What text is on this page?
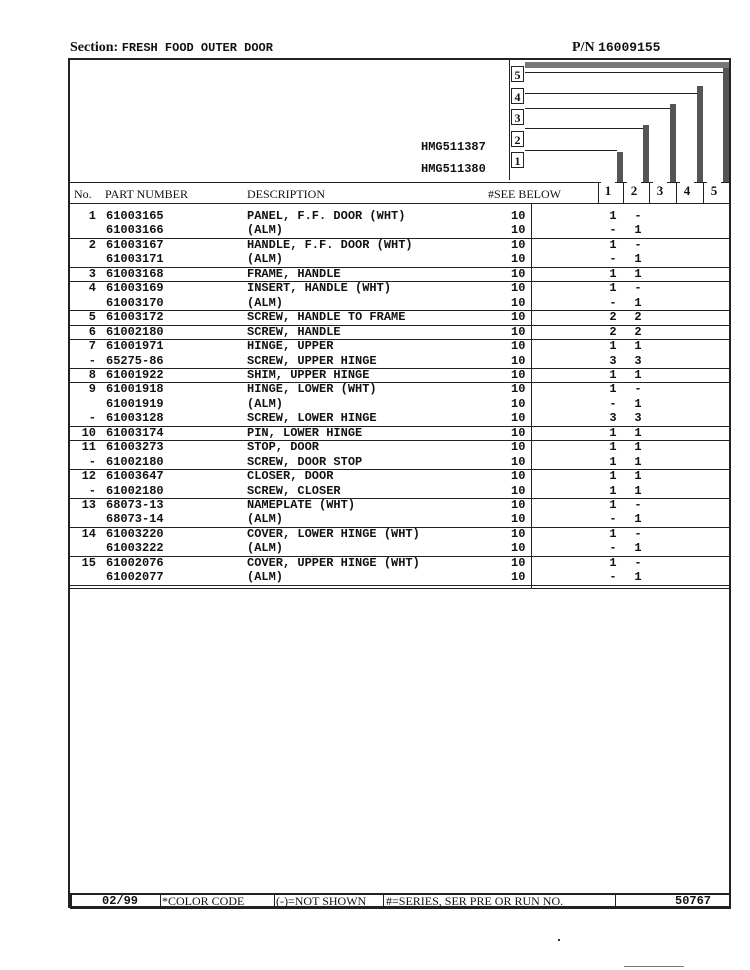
Section: FRESH FOOD OUTER DOOR	P/N 16009155
5
4
3
2
1
HMG511387
HMG511380
No. PART NUMBER	DESCRIPTION	#SEE BELOW	1 2 3 4 5
1 61003165	PANEL, F.F. DOOR (WHT)	10	1 -
61003166	(ALM)	10	- 1
2 61003167	HANDLE, F.F. DOOR (WHT)	10	1 -
61003171	(ALM)	10	- 1
3 61003168	FRAME, HANDLE	10	1 1
4 61003169	INSERT, HANDLE (WHT)	10	1 -
61003170	(ALM)	10	- 1
5 61003172	SCREW, HANDLE TO FRAME	10	2 2
6 61002180	SCREW, HANDLE	10	2 2
7 61001971	HINGE, UPPER	10	1 1
- 65275-86	SCREW, UPPER HINGE	10	3 3
8 61001922	SHIM, UPPER HINGE	10	1 1
9 61001918	HINGE, LOWER (WHT)	10	1 -
61001919	(ALM)	10	- 1
- 61003128	SCREW, LOWER HINGE	10	3 3
10 61003174	PIN, LOWER HINGE	10	1 1
11 61003273	STOP, DOOR	10	1 1
- 61002180	SCREW, DOOR STOP	10	1 1
12 61003647	CLOSER, DOOR	10	1 1
- 61002180	SCREW, CLOSER	10	1 1
13 68073-13	NAMEPLATE (WHT)	10	1 -
68073-14	(ALM)	10	- 1
14 61003220	COVER, LOWER HINGE (WHT)	10	1 -
61003222	(ALM)	10	- 1
15 61002076	COVER, UPPER HINGE (WHT)	10	1 -
61002077	(ALM)	10	- 1
02/99 *COLOR CODE	(-)=NOT SHOWN #=SERIES, SER PRE OR RUN NO.	50767
